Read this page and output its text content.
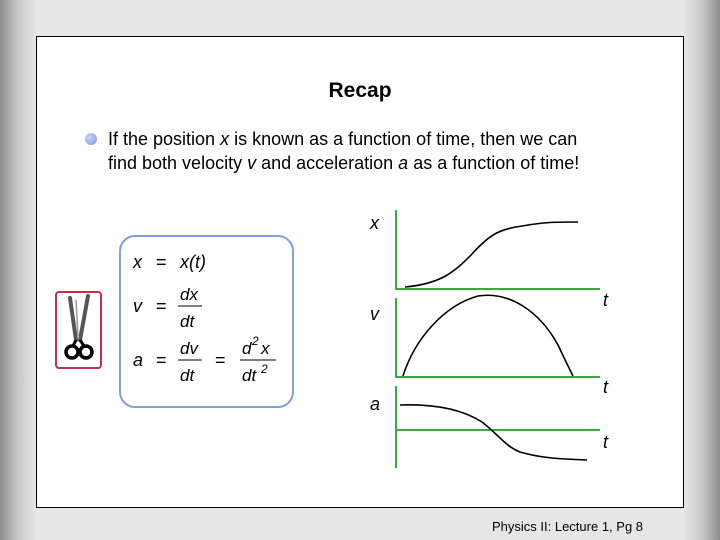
Recap
If the position x is known as a function of time, then we can
find both velocity v and acceleration a as a function of time!
x = x(t)
v =
dx
dt
a =
dv
dt
=
d 2 x
dt 2
x
t
v
t
a
t
Physics II: Lecture 1, Pg 8
